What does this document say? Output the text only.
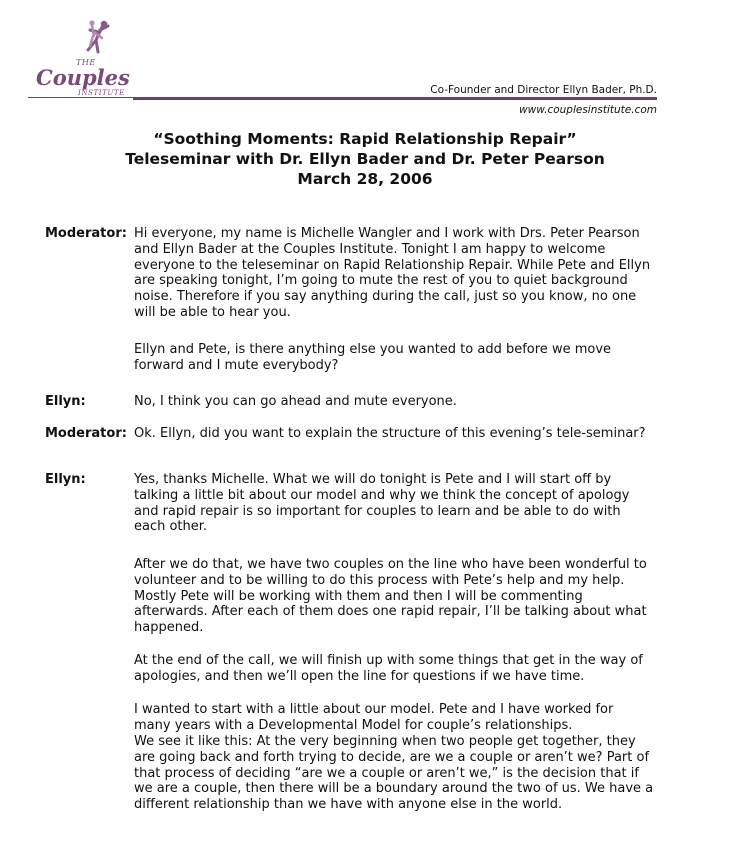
THE
Couples
INSTITUTE	Co-Founder and Director Ellyn Bader, Ph.D.
www.couplesinstitute.com
“Soothing Moments: Rapid Relationship Repair”
Teleseminar with Dr. Ellyn Bader and Dr. Peter Pearson
March 28, 2006
Moderator: Hi everyone, my name is Michelle Wangler and I work with Drs. Peter Pearson and Ellyn Bader at the Couples Institute. Tonight I am happy to welcome everyone to the teleseminar on Rapid Relationship Repair. While Pete and Ellyn are speaking tonight, I’m going to mute the rest of you to quiet background noise. Therefore if you say anything during the call, just so you know, no one will be able to hear you.
Ellyn and Pete, is there anything else you wanted to add before we move forward and I mute everybody?
Ellyn:	No, I think you can go ahead and mute everyone.
Moderator: Ok. Ellyn, did you want to explain the structure of this evening’s tele-seminar?
Ellyn:	Yes, thanks Michelle. What we will do tonight is Pete and I will start off by talking a little bit about our model and why we think the concept of apology and rapid repair is so important for couples to learn and be able to do with each other.
After we do that, we have two couples on the line who have been wonderful to volunteer and to be willing to do this process with Pete’s help and my help. Mostly Pete will be working with them and then I will be commenting afterwards. After each of them does one rapid repair, I’ll be talking about what happened.
At the end of the call, we will finish up with some things that get in the way of apologies, and then we’ll open the line for questions if we have time.
I wanted to start with a little about our model. Pete and I have worked for many years with a Developmental Model for couple’s relationships.
We see it like this: At the very beginning when two people get together, they are going back and forth trying to decide, are we a couple or aren’t we? Part of that process of deciding “are we a couple or aren’t we,” is the decision that if we are a couple, then there will be a boundary around the two of us. We have a different relationship than we have with anyone else in the world.
